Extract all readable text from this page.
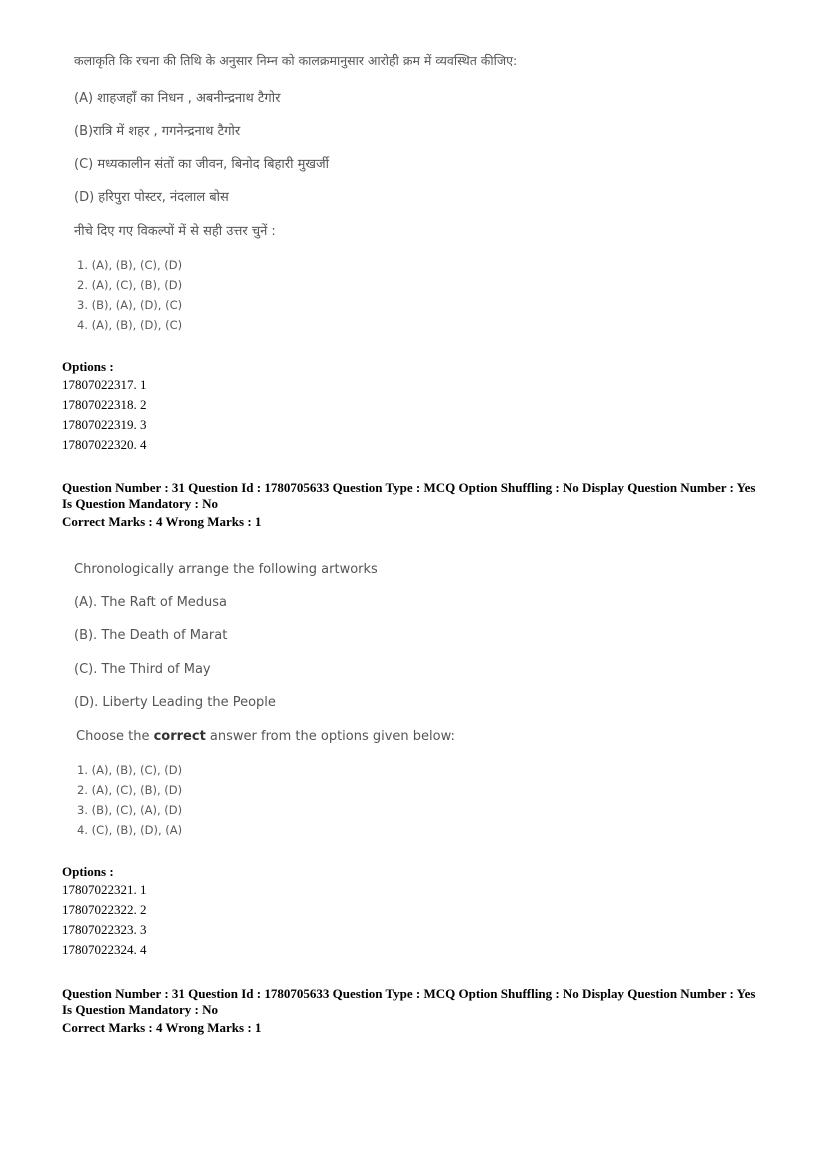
कलाकृति कि रचना की तिथि के अनुसार निम्न को कालक्रमानुसार आरोही क्रम में व्यवस्थित कीजिए:
(A) शाहजहाँ का निधन , अबनीन्द्रनाथ टैगोर
(B)रात्रि में शहर , गगनेन्द्रनाथ टैगोर
(C) मध्यकालीन संतों का जीवन, बिनोद बिहारी मुखर्जी
(D) हरिपुरा पोस्टर, नंदलाल बोस
नीचे दिए गए विकल्पों में से सही उत्तर चुनें :
1. (A), (B), (C), (D)
2. (A), (C), (B), (D)
3. (B), (A), (D), (C)
4. (A), (B), (D), (C)
Options :
17807022317. 1
17807022318. 2
17807022319. 3
17807022320. 4
Question Number : 31 Question Id : 1780705633 Question Type : MCQ Option Shuffling : No Display Question Number : Yes
Is Question Mandatory : No
Correct Marks : 4 Wrong Marks : 1
Chronologically arrange the following artworks
(A). The Raft of Medusa
(B). The Death of Marat
(C). The Third of May
(D). Liberty Leading the People
Choose the correct answer from the options given below:
1. (A), (B), (C), (D)
2. (A), (C), (B), (D)
3. (B), (C), (A), (D)
4. (C), (B), (D), (A)
Options :
17807022321. 1
17807022322. 2
17807022323. 3
17807022324. 4
Question Number : 31 Question Id : 1780705633 Question Type : MCQ Option Shuffling : No Display Question Number : Yes
Is Question Mandatory : No
Correct Marks : 4 Wrong Marks : 1
